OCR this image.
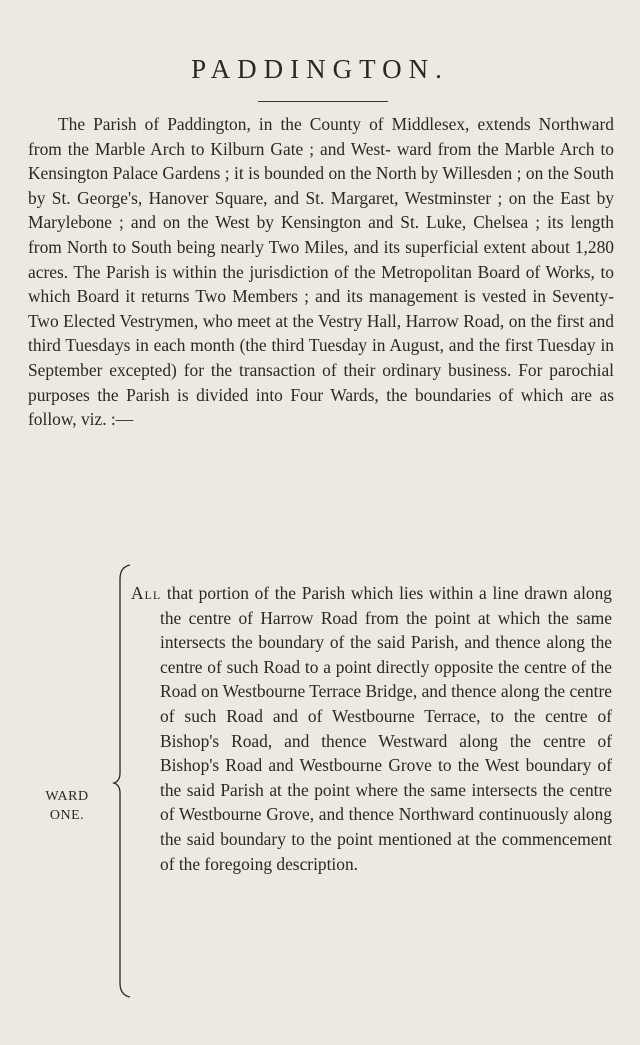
PADDINGTON.

The Parish of Paddington, in the County of Middlesex, extends Northward from the Marble Arch to Kilburn Gate ; and West- ward from the Marble Arch to Kensington Palace Gardens ; it is bounded on the North by Willesden ; on the South by St. George's, Hanover Square, and St. Margaret, Westminster ; on the East by Marylebone ; and on the West by Kensington and St. Luke, Chelsea ; its length from North to South being nearly Two Miles, and its superficial extent about 1,280 acres. The Parish is within the jurisdiction of the Metropolitan Board of Works, to which Board it returns Two Members ; and its management is vested in Seventy-Two Elected Vestrymen, who meet at the Vestry Hall, Harrow Road, on the first and third Tuesdays in each month (the third Tuesday in August, and the first Tuesday in September excepted) for the transaction of their ordinary business. For parochial purposes the Parish is divided into Four Wards, the boundaries of which are as follow, viz. :—

WARD
ONE.

All that portion of the Parish which lies within a line drawn along the centre of Harrow Road from the point at which the same intersects the boundary of the said Parish, and thence along the centre of such Road to a point directly opposite the centre of the Road on Westbourne Terrace Bridge, and thence along the centre of such Road and of Westbourne Terrace, to the centre of Bishop's Road, and thence Westward along the centre of Bishop's Road and Westbourne Grove to the West boundary of the said Parish at the point where the same intersects the centre of Westbourne Grove, and thence Northward continuously along the said boundary to the point mentioned at the commencement of the foregoing description.
